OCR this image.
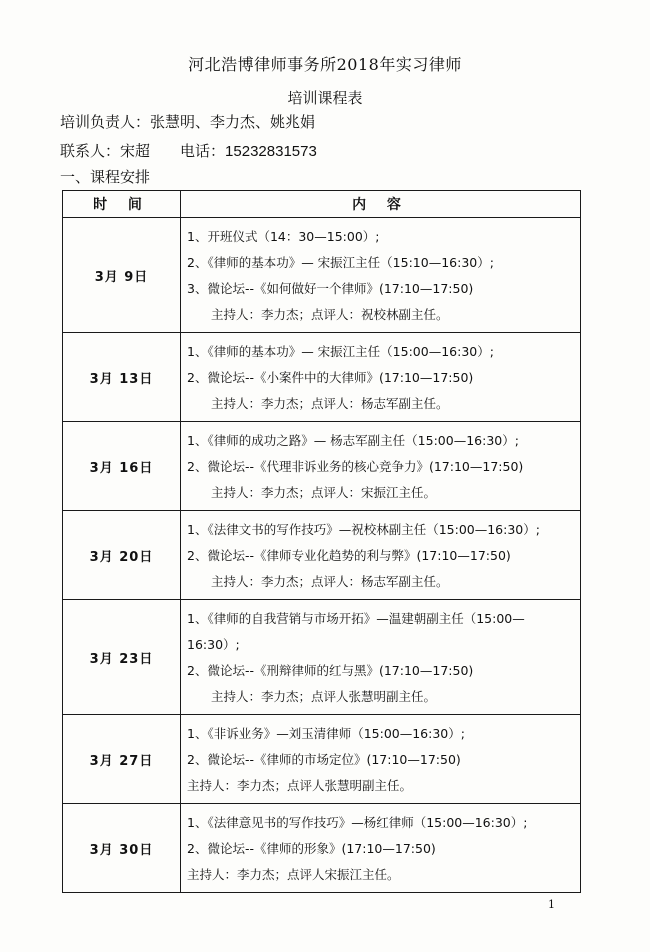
河北浩博律师事务所2018年实习律师
培训课程表
培训负责人：张慧明、李力杰、姚兆娟
联系人：宋超 电话：15232831573
一、课程安排
时 间	内 容
3月 9日	1、开班仪式（14：30—15:00）;
2、《律师的基本功》— 宋振江主任（15:10—16:30）;
3、微论坛--《如何做好一个律师》(17:10—17:50)
主持人：李力杰；点评人：祝校林副主任。

3月 13日	1、《律师的基本功》— 宋振江主任（15:00—16:30）;
2、微论坛--《小案件中的大律师》(17:10—17:50)
主持人：李力杰；点评人：杨志军副主任。

3月 16日	1、《律师的成功之路》— 杨志军副主任（15:00—16:30）;
2、微论坛--《代理非诉业务的核心竞争力》(17:10—17:50)
主持人：李力杰；点评人：宋振江主任。

3月 20日	1、《法律文书的写作技巧》—祝校林副主任（15:00—16:30）;
2、微论坛--《律师专业化趋势的利与弊》(17:10—17:50)
主持人：李力杰；点评人：杨志军副主任。

3月 23日	1、《律师的自我营销与市场开拓》—温建朝副主任（15:00—
16:30）;
2、微论坛--《刑辩律师的红与黑》(17:10—17:50)
主持人：李力杰；点评人张慧明副主任。

3月 27日	1、《非诉业务》—刘玉清律师（15:00—16:30）;
2、微论坛--《律师的市场定位》(17:10—17:50)
主持人：李力杰；点评人张慧明副主任。

3月 30日	1、《法律意见书的写作技巧》—杨红律师（15:00—16:30）;
2、微论坛--《律师的形象》(17:10—17:50)
主持人：李力杰；点评人宋振江主任。
1
